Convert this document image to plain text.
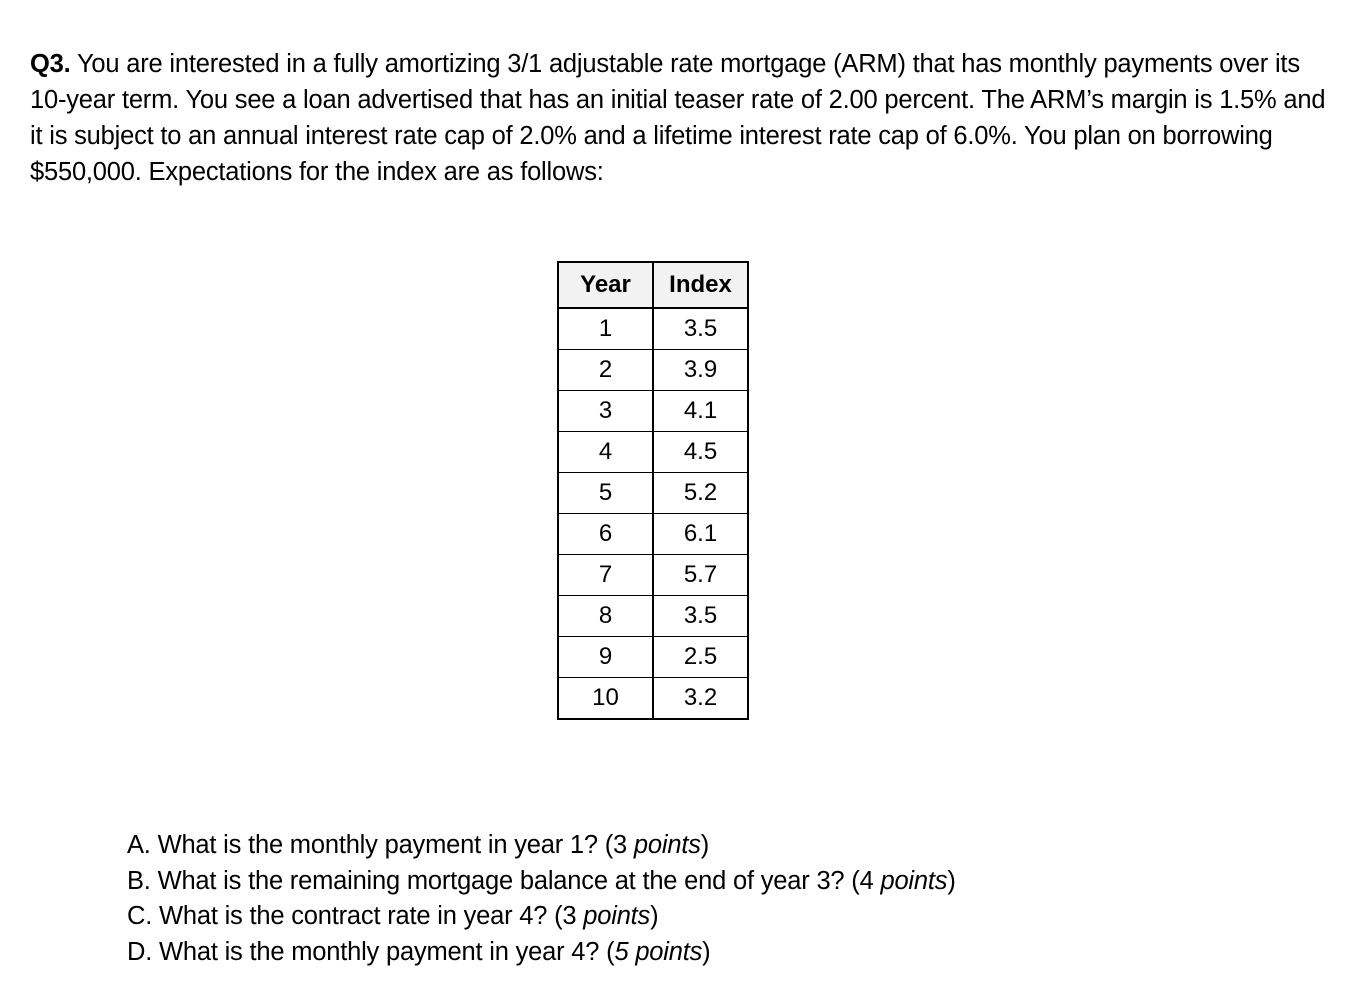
Q3. You are interested in a fully amortizing 3/1 adjustable rate mortgage (ARM) that has monthly payments over its 10-year term. You see a loan advertised that has an initial teaser rate of 2.00 percent. The ARM’s margin is 1.5% and it is subject to an annual interest rate cap of 2.0% and a lifetime interest rate cap of 6.0%. You plan on borrowing $550,000. Expectations for the index are as follows:
Year	Index
1	3.5
2	3.9
3	4.1
4	4.5
5	5.2
6	6.1
7	5.7
8	3.5
9	2.5
10	3.2
A. What is the monthly payment in year 1? (3 points)
B. What is the remaining mortgage balance at the end of year 3? (4 points)
C. What is the contract rate in year 4? (3 points)
D. What is the monthly payment in year 4? (5 points)
